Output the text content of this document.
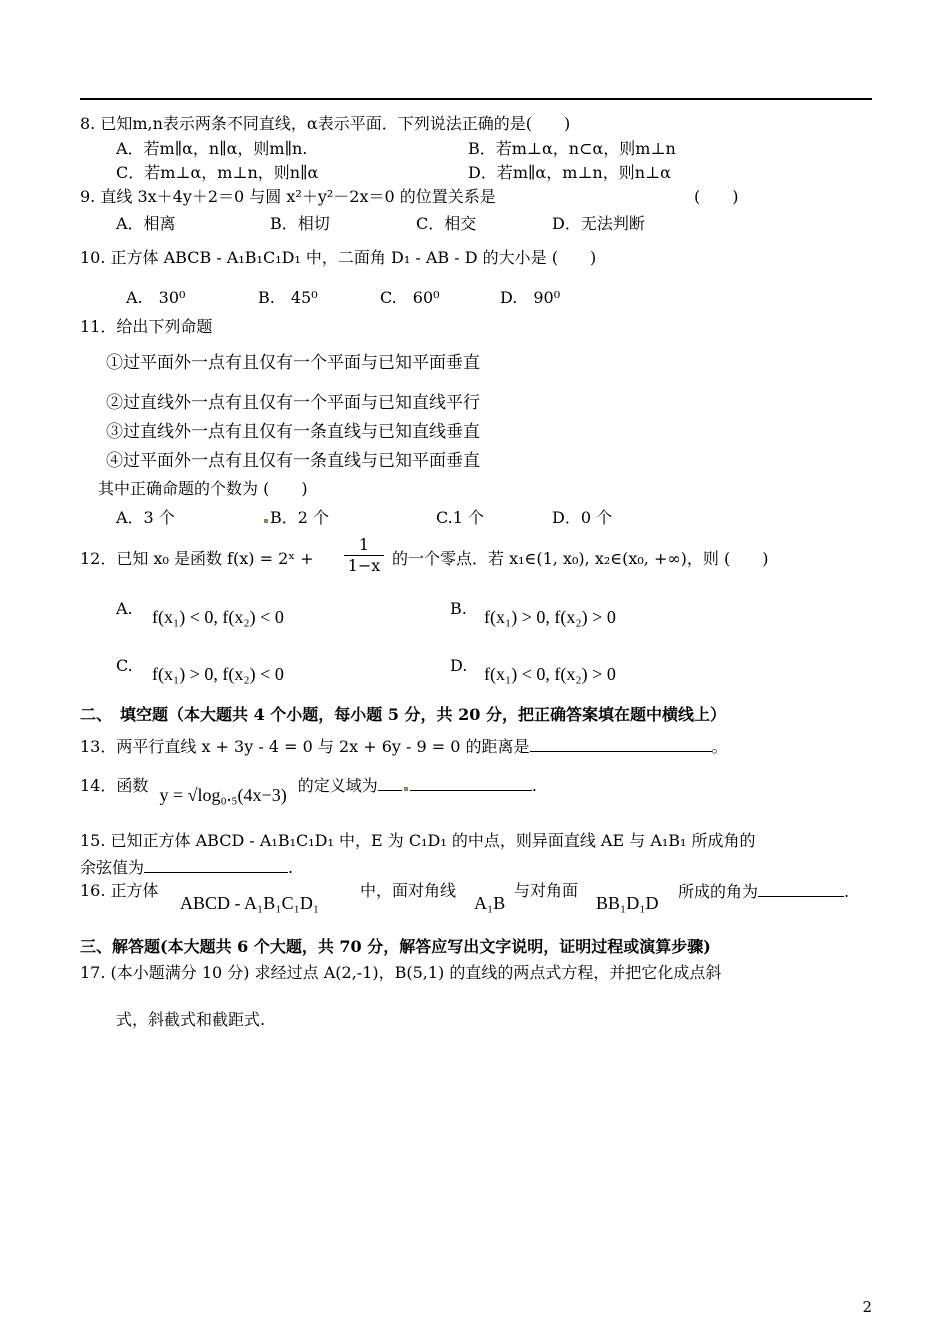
8. 已知m,n表示两条不同直线，α表示平面．下列说法正确的是(　　)
A．若m∥α，n∥α，则m∥n.	B．若m⊥α，n⊂α，则m⊥n
C．若m⊥α，m⊥n，则n∥α	D．若m∥α，m⊥n，则n⊥α
9. 直线 3x＋4y＋2＝0 与圆 x²＋y²－2x＝0 的位置关系是	(　　)
A．相离	B．相切	C．相交	D．无法判断
10. 正方体 ABCB - A₁B₁C₁D₁ 中，二面角 D₁ - AB - D 的大小是 (　　)
A.　30⁰	B.　45⁰	C.　60⁰	D.　90⁰
11．给出下列命题
①过平面外一点有且仅有一个平面与已知平面垂直
②过直线外一点有且仅有一个平面与已知直线平行
③过直线外一点有且仅有一条直线与已知直线垂直
④过平面外一点有且仅有一条直线与已知平面垂直
其中正确命题的个数为 (　　)
A．3 个	B．2 个	C.1 个	D．0 个
12．已知 x₀ 是函数 f(x) = 2ˣ + $\frac{1}{1-x}$ 的一个零点．若 x₁∈(1, x₀), x₂∈(x₀, +∞)，则 (　　)
A. f(x₁) < 0, f(x₂) < 0	B. f(x₁) > 0, f(x₂) > 0
C. f(x₁) > 0, f(x₂) < 0	D. f(x₁) < 0, f(x₂) > 0
二、　填空题（本大题共 4 个小题，每小题 5 分，共 20 分，把正确答案填在题中横线上）
13．两平行直线 x + 3y - 4 = 0 与 2x + 6y - 9 = 0 的距离是	。
14．函数 y = √log₀.₅(4x−3) 的定义域为	.
15. 已知正方体 ABCD - A₁B₁C₁D₁ 中，E 为 C₁D₁ 的中点，则异面直线 AE 与 A₁B₁ 所成角的
余弦值为	.
16. 正方体
ABCD - A₁B₁C₁D₁
中，面对角线
A₁B
与对角面
BB₁D₁D
所成的角为	.
三、解答题(本大题共 6 个大题，共 70 分，解答应写出文字说明，证明过程或演算步骤)
17. (本小题满分 10 分) 求经过点 A(2,-1)，B(5,1) 的直线的两点式方程，并把它化成点斜
式，斜截式和截距式.
2
